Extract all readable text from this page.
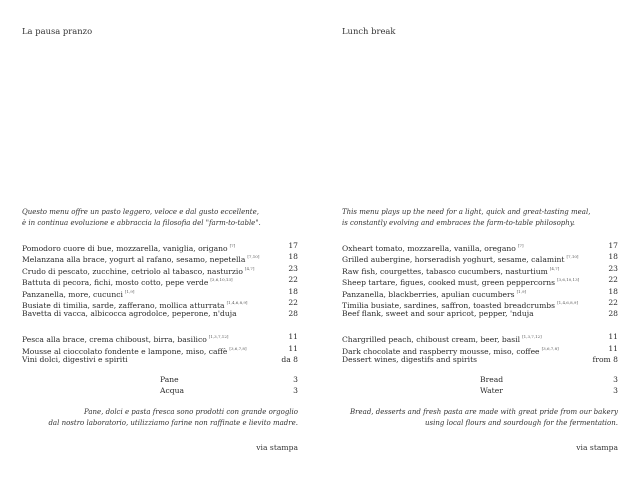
La pausa pranzo
Questo menu offre un pasto leggero, veloce e dal gusto eccellente,
è in continua evoluzione e abbraccia la filosofia del "farm-to-table".
Pomodoro cuore di bue, mozzarella, vaniglia, origano [7]	17
Melanzana alla brace, yogurt al rafano, sesamo, nepetella [7,10]	18
Crudo di pescato, zucchine, cetriolo al tabasco, nasturzio [4,7]	23
Battuta di pecora, fichi, mosto cotto, pepe verde [3,6,10,13]	22
Panzanella, more, cucunci [1,9]	18
Busiate di timilia, sarde, zafferano, mollica atturrata [1,4,6,8,9]	22
Bavetta di vacca, albicocca agrodolce, peperone, n'duja	28
Pesca alla brace, crema chiboust, birra, basilico [1,3,7,12]	11
Mousse al cioccolato fondente e lampone, miso, caffè [3,6,7,8]	11
Vini dolci, digestivi e spiriti	da 8
Pane	3
Acqua	3
Pane, dolci e pasta fresca sono prodotti con grande orgoglio
dal nostro laboratorio, utilizziamo farine non raffinate e lievito madre.
via stampa
Lunch break
This menu plays up the need for a light, quick and great-tasting meal,
is constantly evolving and embraces the farm-to-table philosophy.
Oxheart tomato, mozzarella, vanilla, oregano [7]	17
Grilled aubergine, horseradish yoghurt, sesame, calamint [7,10]	18
Raw fish, courgettes, tabasco cucumbers, nasturtium [4,7]	23
Sheep tartare, figues, cooked must, green peppercorns [3,6,10,13]	22
Panzanella, blackberries, apulian cucumbers [1,9]	18
Timilia busiate, sardines, saffron, toasted breadcrumbs [1,4,6,8,9]	22
Beef flank, sweet and sour apricot, pepper, 'nduja	28
Chargrilled peach, chiboust cream, beer, basil [1,3,7,12]	11
Dark chocolate and raspberry mousse, miso, coffee [3,6,7,8]	11
Dessert wines, digestifs and spirits	from 8
Bread	3
Water	3
Bread, desserts and fresh pasta are made with great pride from our bakery
using local flours and sourdough for the fermentation.
via stampa
